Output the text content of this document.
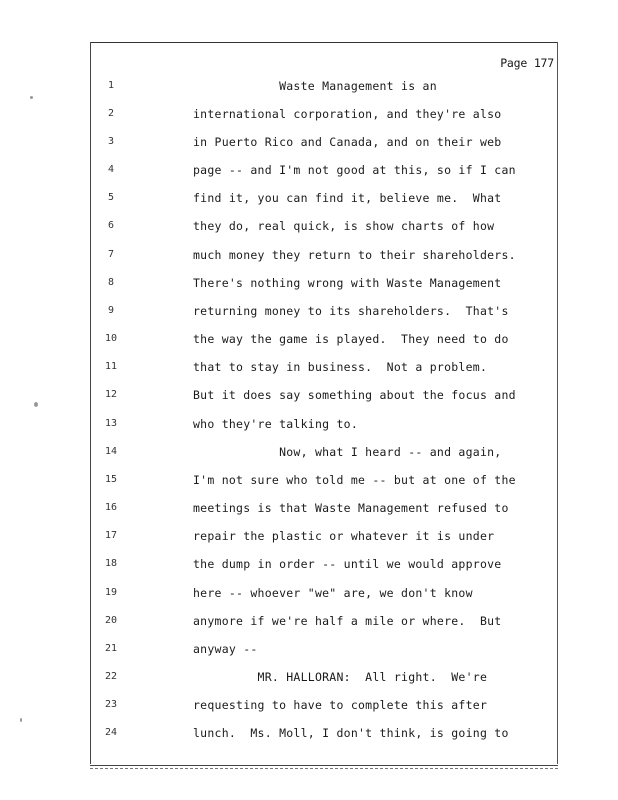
Page 177
1	Waste Management is an
2	international corporation, and they're also
3	in Puerto Rico and Canada, and on their web
4	page -- and I'm not good at this, so if I can
5	find it, you can find it, believe me.  What
6	they do, real quick, is show charts of how
7	much money they return to their shareholders.
8	There's nothing wrong with Waste Management
9	returning money to its shareholders.  That's
10	the way the game is played.  They need to do
11	that to stay in business.  Not a problem.
12	But it does say something about the focus and
13	who they're talking to.
14	Now, what I heard -- and again,
15	I'm not sure who told me -- but at one of the
16	meetings is that Waste Management refused to
17	repair the plastic or whatever it is under
18	the dump in order -- until we would approve
19	here -- whoever "we" are, we don't know
20	anymore if we're half a mile or where.  But
21	anyway --
22	MR. HALLORAN:  All right.  We're
23	requesting to have to complete this after
24	lunch.  Ms. Moll, I don't think, is going to
